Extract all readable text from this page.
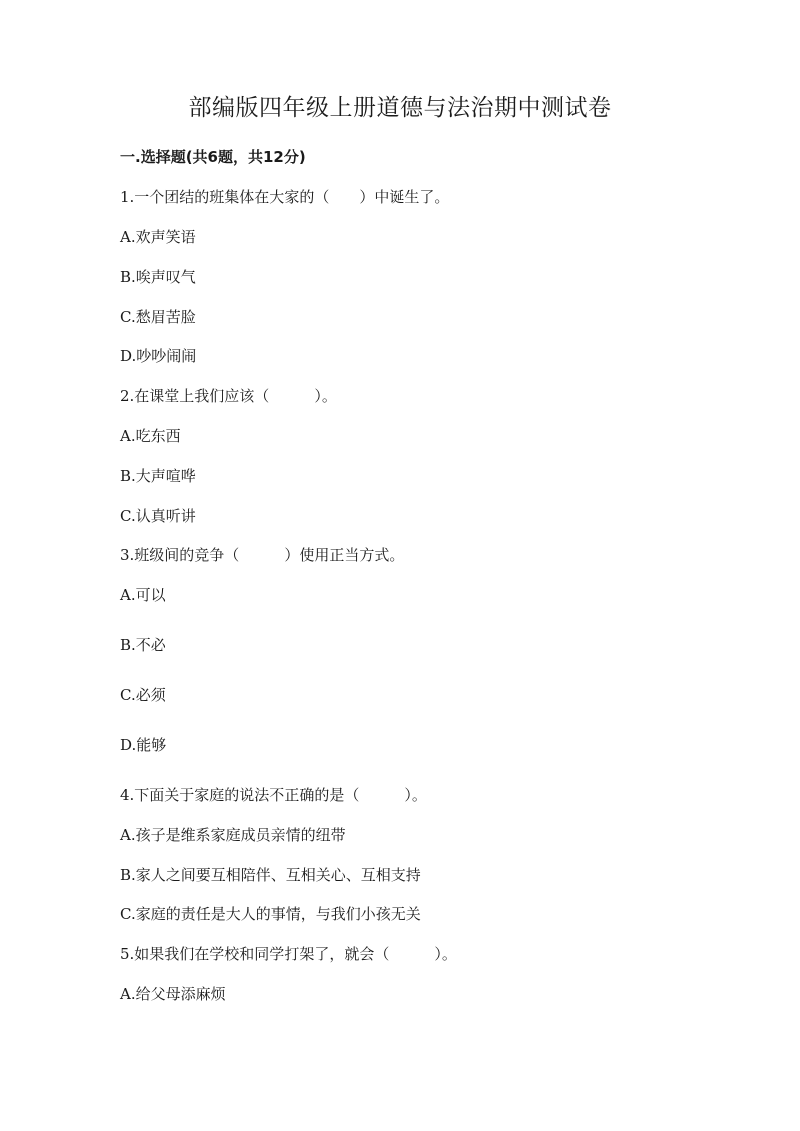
部编版四年级上册道德与法治期中测试卷
一.选择题(共6题，共12分)
1.一个团结的班集体在大家的（　　）中诞生了。
A.欢声笑语
B.唉声叹气
C.愁眉苦脸
D.吵吵闹闹
2.在课堂上我们应该（　　　）。
A.吃东西
B.大声喧哗
C.认真听讲
3.班级间的竞争（　　　）使用正当方式。
A.可以
B.不必
C.必须
D.能够
4.下面关于家庭的说法不正确的是（　　　）。
A.孩子是维系家庭成员亲情的纽带
B.家人之间要互相陪伴、互相关心、互相支持
C.家庭的责任是大人的事情，与我们小孩无关
5.如果我们在学校和同学打架了，就会（　　　）。
A.给父母添麻烦
